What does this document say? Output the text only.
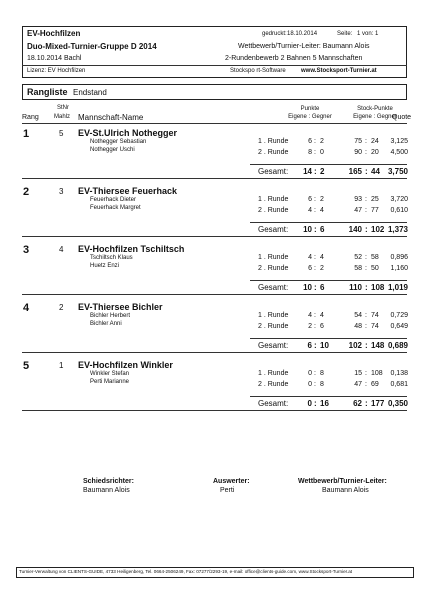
EV-Hochfilzen	gedruckt: 18.10.2014	Seite: 1 von: 1
Duo-Mixed-Turnier-Gruppe D 2014	Wettbewerb/Turnier-Leiter: Baumann Alois
18.10.2014 Bachl	2-Rundenbewerb 2 Bahnen 5 Mannschaften
Lizenz: EV Hochfilzen	Stockspo rt-Software	www.Stocksport-Turnier.at
Rangliste Endstand
StNr
Rang	Mahlz Mannschaft-Name
Punkte
Eigene : Gegner
Stock-Punkte
Eigene : Gegner
Quote
1	5 EV-St.Ulrich Nothegger
Nothegger Sebastian
Nothegger Uschi
1 . Runde	6 : 2	75 : 24	3,125
2 . Runde	8 : 0	90 : 20	4,500
Gesamt:	14 : 2	165 : 44	3,750
2	3 EV-Thiersee Feuerhack
Feuerhack Dieter
Feuerhack Margret
1 . Runde	6 : 2	93 : 25	3,720
2 . Runde	4 : 4	47 : 77	0,610
Gesamt:	10 : 6	140 : 102 1,373
3	4 EV-Hochfilzen Tschiltsch
Tschiltsch Klaus
Huetz Enzi
1 . Runde	4 : 4	52 : 58	0,896
2 . Runde	6 : 2	58 : 50	1,160
Gesamt:	10 : 6	110 : 108 1,019
4	2 EV-Thiersee Bichler
Bichler Herbert
Bichler Anni
1 . Runde	4 : 4	54 : 74	0,729
2 . Runde	2 : 6	48 : 74	0,649
Gesamt:	6 : 10	102 : 148 0,689
5	1 EV-Hochfilzen Winkler
Winkler Stefan
Perti Marianne
1 . Runde	0 : 8	15 : 108	0,138
2 . Runde	0 : 8	47 : 69	0,681
Gesamt:	0 : 16	62 : 177 0,350
Schiedsrichter:
Baumann Alois
Auswerter:
Perti
Wettbewerb/Turnier-Leiter:
Baumann Alois
Turnier-Verwaltung von CLIENTS-GUIDE, 4733 Heiligenberg, Tel. 0664-2506249, Fax: 07277/2293-19, e-mail: office@clients-guide.com, www.Stocksport-Turnier.at
